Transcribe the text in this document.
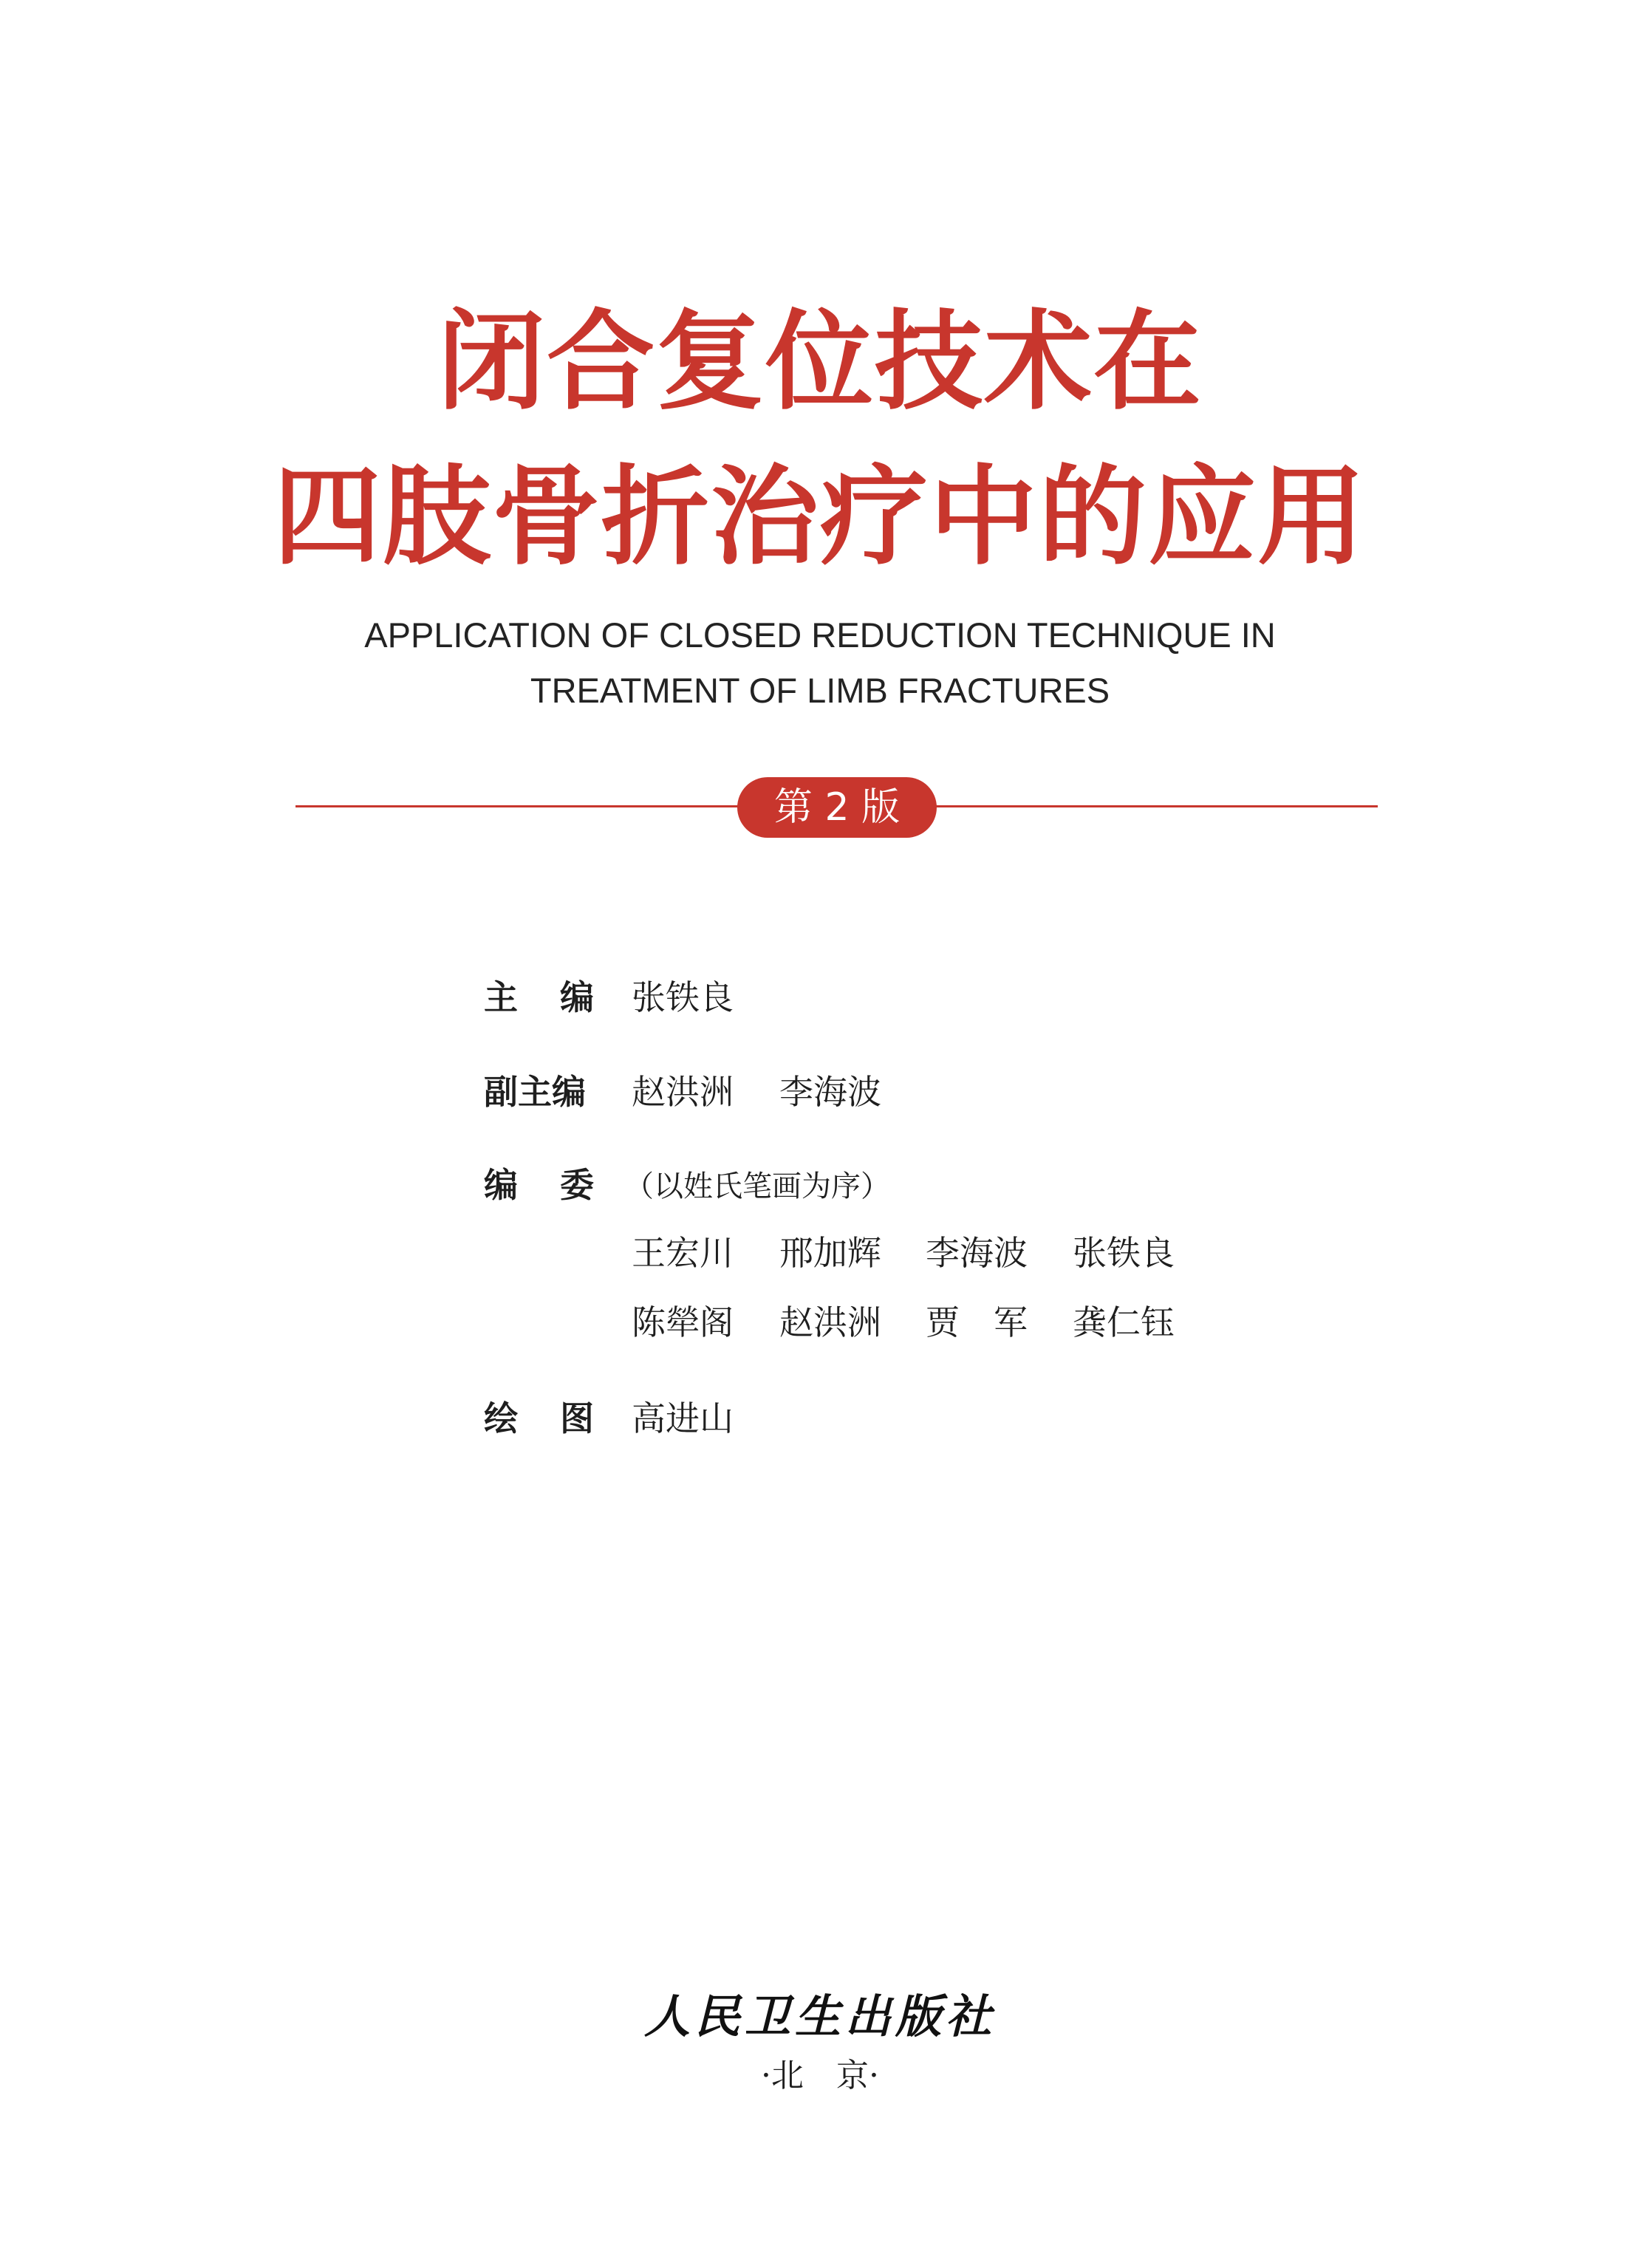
闭合复位技术在
四肢骨折治疗中的应用
APPLICATION OF CLOSED REDUCTION TECHNIQUE IN
TREATMENT OF LIMB FRACTURES
第 2 版
主 编 张铁良
副主编 赵洪洲 李海波
编 委 （以姓氏笔画为序）
王宏川 邢加辉 李海波 张铁良
陈犖阁 赵洪洲 贾　军 龚仁钰
绘 图 高进山
人民卫生出版社
·北　京·
